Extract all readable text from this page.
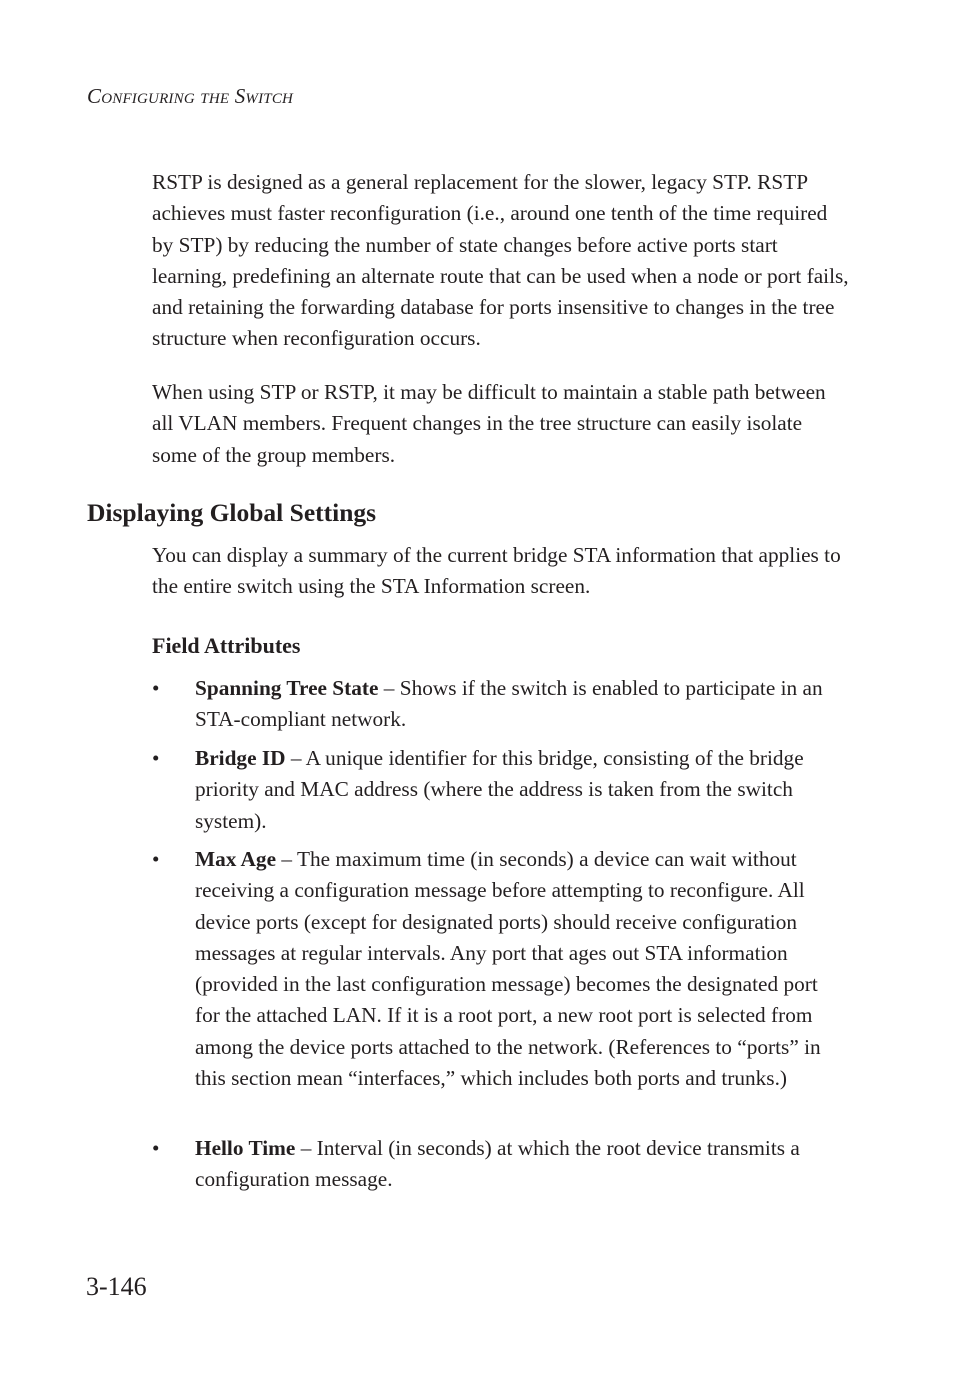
Configuring the Switch

RSTP is designed as a general replacement for the slower, legacy STP. RSTP achieves must faster reconfiguration (i.e., around one tenth of the time required by STP) by reducing the number of state changes before active ports start learning, predefining an alternate route that can be used when a node or port fails, and retaining the forwarding database for ports insensitive to changes in the tree structure when reconfiguration occurs.

When using STP or RSTP, it may be difficult to maintain a stable path between all VLAN members. Frequent changes in the tree structure can easily isolate some of the group members.

Displaying Global Settings

You can display a summary of the current bridge STA information that applies to the entire switch using the STA Information screen.

Field Attributes
•	Spanning Tree State – Shows if the switch is enabled to participate in an STA-compliant network.
•	Bridge ID – A unique identifier for this bridge, consisting of the bridge priority and MAC address (where the address is taken from the switch system).
•	Max Age – The maximum time (in seconds) a device can wait without receiving a configuration message before attempting to reconfigure. All device ports (except for designated ports) should receive configuration messages at regular intervals. Any port that ages out STA information (provided in the last configuration message) becomes the designated port for the attached LAN. If it is a root port, a new root port is selected from among the device ports attached to the network. (References to “ports” in this section mean “interfaces,” which includes both ports and trunks.)
•	Hello Time – Interval (in seconds) at which the root device transmits a configuration message.
3-146
